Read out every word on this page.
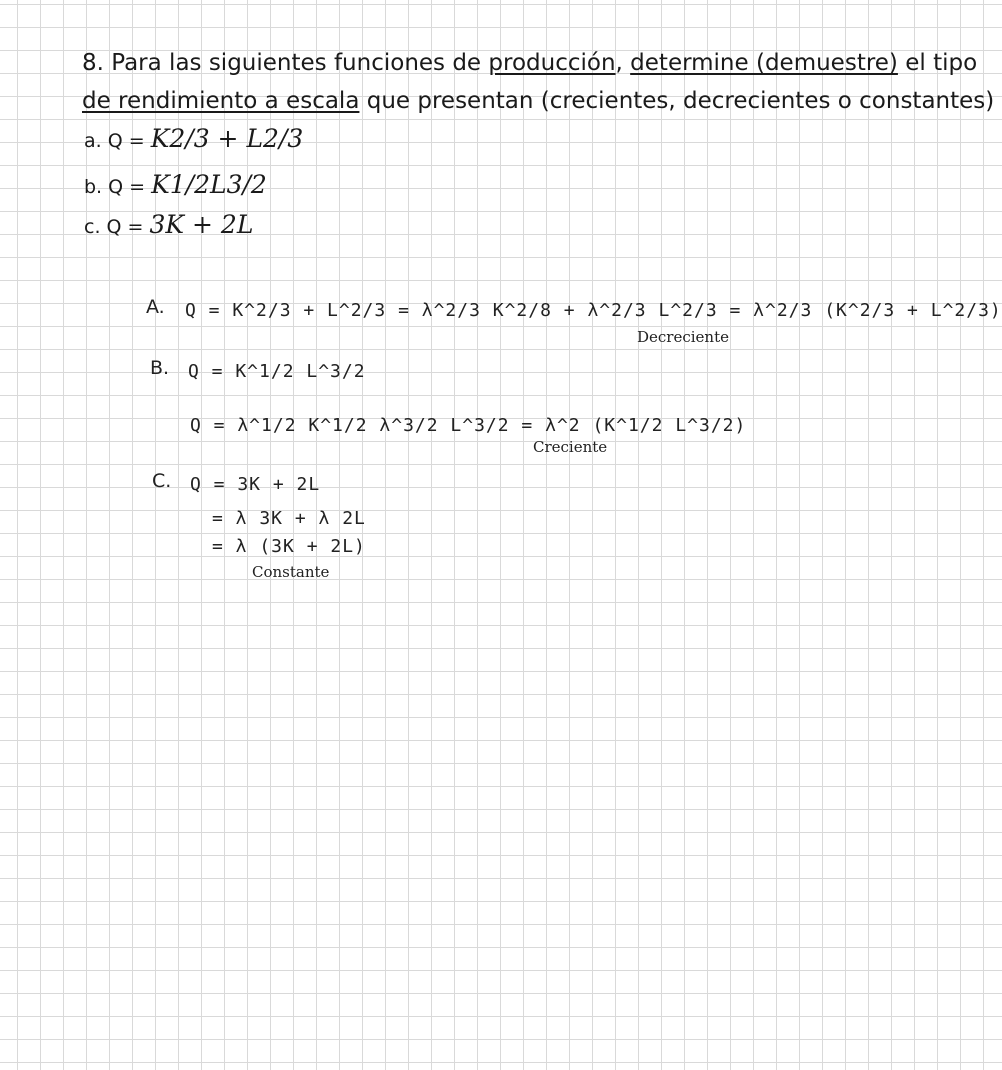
8. Para las siguientes funciones de producción, determine (demuestre) el tipo
de rendimiento a escala que presentan (crecientes, decrecientes o constantes)
a. Q = K2/3 + L2/3
b. Q = K1/2L3/2
c. Q = 3K + 2L
A. Q = K^2/3 + L^2/3 = λ^2/3 K^2/8 + λ^2/3 L^2/3 = λ^2/3 (K^2/3 + L^2/3)
Decreciente
B. Q = K^1/2 L^3/2
Q = λ^1/2 K^1/2 λ^3/2 L^3/2 = λ^2 (K^1/2 L^3/2)
Creciente
C. Q = 3K + 2L
= λ 3K + λ 2L
= λ (3K + 2L)
Constante
